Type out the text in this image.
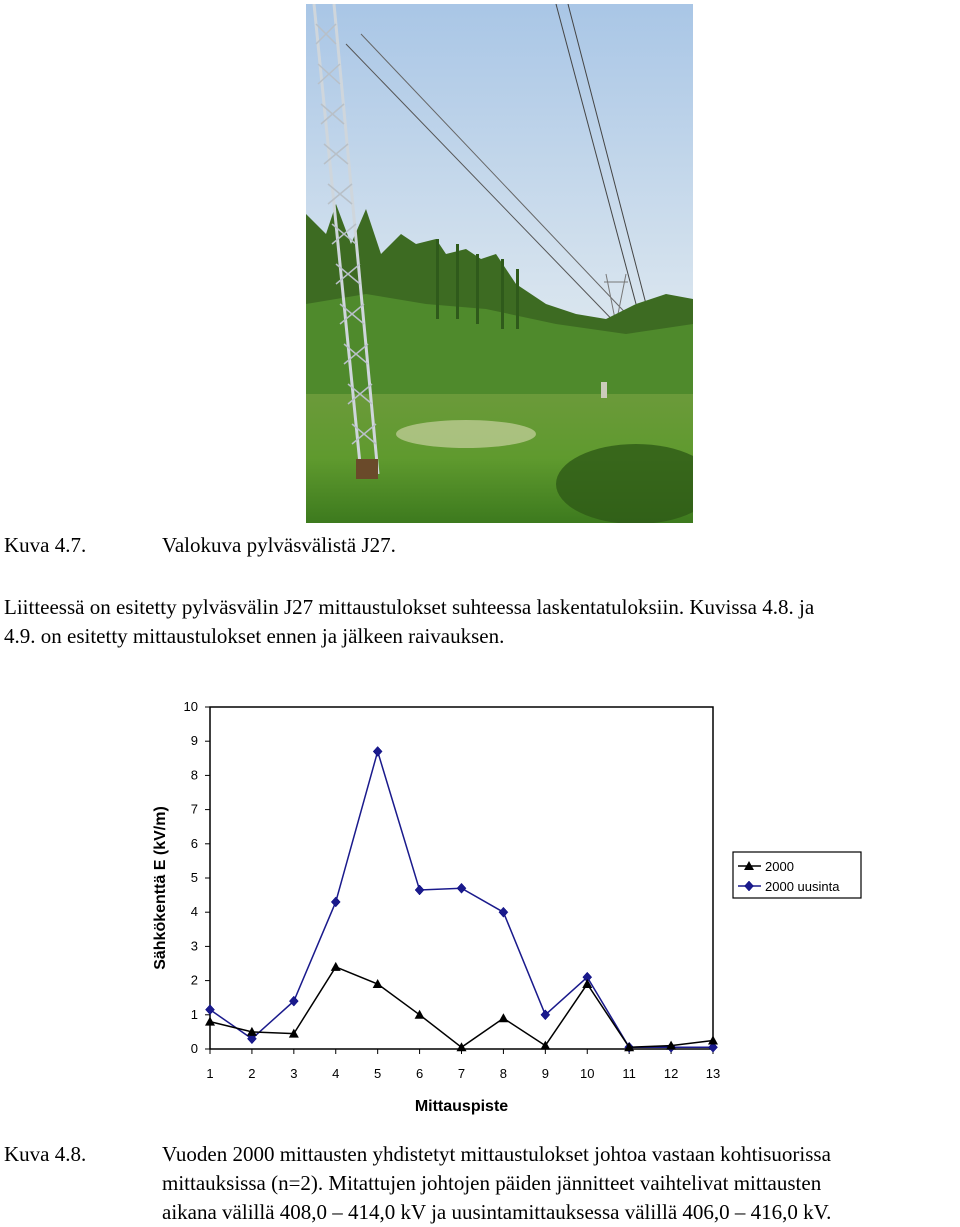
Kuva 4.7.	Valokuva pylväsvälistä J27.
Liitteessä on esitetty pylväsvälin J27 mittaustulokset suhteessa laskentatuloksiin. Kuvissa 4.8. ja
4.9. on esitetty mittaustulokset ennen ja jälkeen raivauksen.
0
1
2
3
4
5
6
7
8
9
10
1	2	3	4	5	6	7	8	9 10 11 12 13
Mittauspiste
Sähkökenttä E (kV/m)	2000
2000 uusinta
Kuva 4.8.	Vuoden 2000 mittausten yhdistetyt mittaustulokset johtoa vastaan kohtisuorissa
mittauksissa (n=2). Mitattujen johtojen päiden jännitteet vaihtelivat mittausten
aikana välillä 408,0 – 414,0 kV ja uusintamittauksessa välillä 406,0 – 416,0 kV.
